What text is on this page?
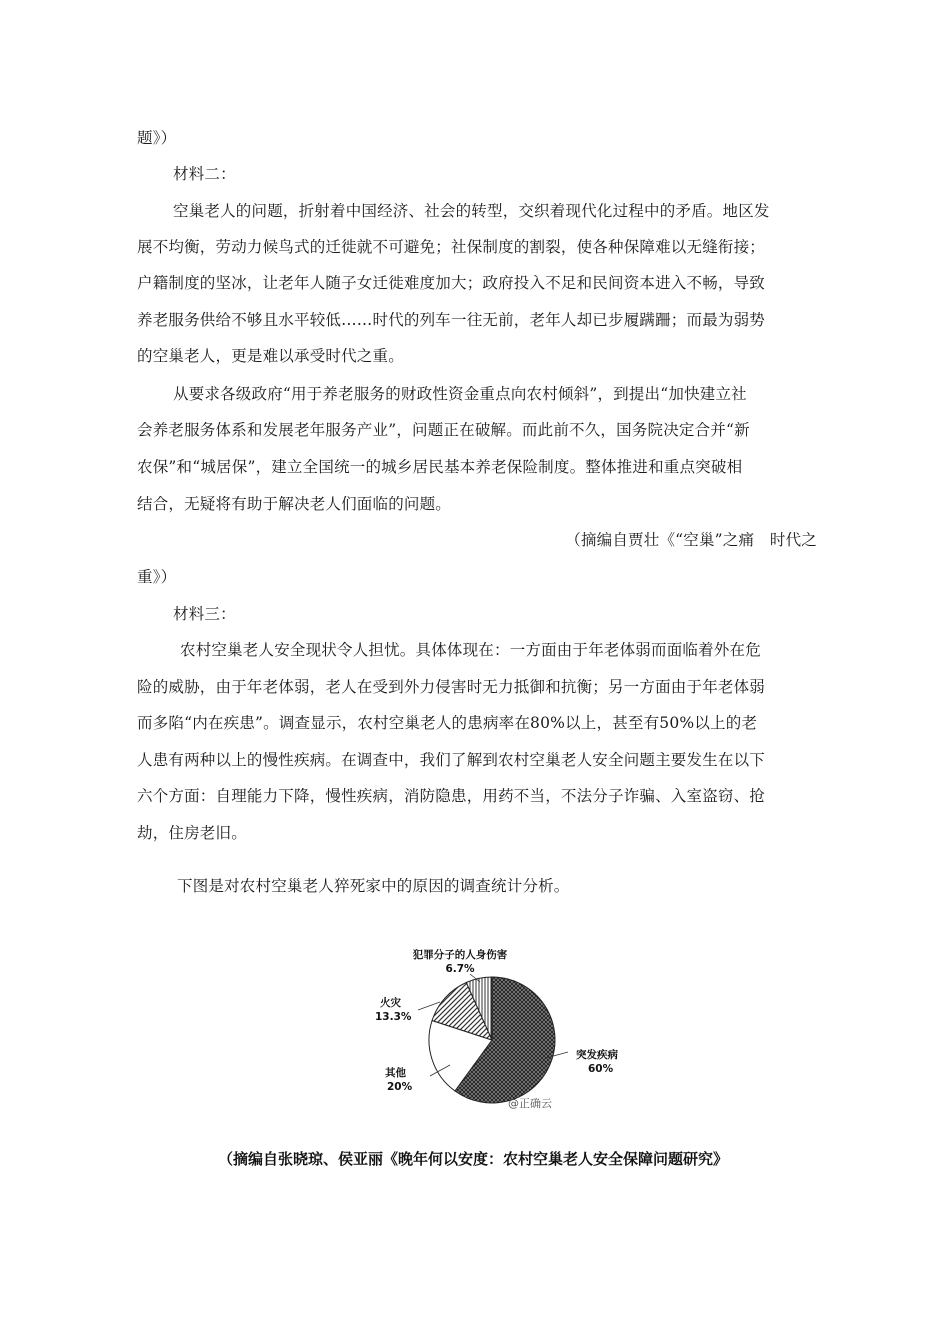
题》）
材料二：
空巢老人的问题，折射着中国经济、社会的转型，交织着现代化过程中的矛盾。地区发
展不均衡，劳动力候鸟式的迁徙就不可避免；社保制度的割裂，使各种保障难以无缝衔接；
户籍制度的坚冰，让老年人随子女迁徙难度加大；政府投入不足和民间资本进入不畅，导致
养老服务供给不够且水平较低……时代的列车一往无前，老年人却已步履蹒跚；而最为弱势
的空巢老人，更是难以承受时代之重。
从要求各级政府“用于养老服务的财政性资金重点向农村倾斜”，到提出“加快建立社
会养老服务体系和发展老年服务产业”，问题正在破解。而此前不久，国务院决定合并“新
农保”和“城居保”，建立全国统一的城乡居民基本养老保险制度。整体推进和重点突破相
结合，无疑将有助于解决老人们面临的问题。
（摘编自贾壮《“空巢”之痛　时代之
重》）
材料三：
农村空巢老人安全现状令人担忧。具体体现在：一方面由于年老体弱而面临着外在危
险的威胁，由于年老体弱，老人在受到外力侵害时无力抵御和抗衡；另一方面由于年老体弱
而多陷“内在疾患”。调查显示，农村空巢老人的患病率在80%以上，甚至有50%以上的老
人患有两种以上的慢性疾病。在调查中，我们了解到农村空巢老人安全问题主要发生在以下
六个方面：自理能力下降，慢性疾病，消防隐患，用药不当，不法分子诈骗、入室盗窃、抢
劫，住房老旧。
下图是对农村空巢老人猝死家中的原因的调查统计分析。
犯罪分子的人身伤害
6.7%
火灾
13.3%
其他
20%
突发疾病
60%
@正确云
（摘编自张晓琼、侯亚丽《晚年何以安度：农村空巢老人安全保障问题研究》
